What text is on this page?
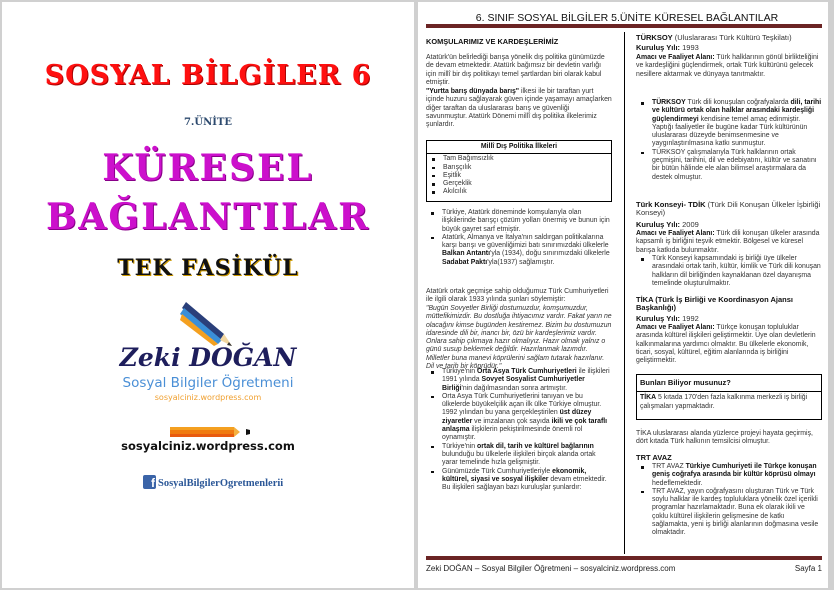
SOSYAL BİLGİLER 6
7.ÜNİTE
KÜRESEL
BAĞLANTILAR
TEK FASİKÜL
Zeki DOĞAN
Sosyal Bilgiler Öğretmeni
sosyalciniz.wordpress.com
sosyalciniz.wordpress.com
f SosyalBilgilerOgretmenlerii
6. SINIF SOSYAL BİLGİLER 5.ÜNİTE KÜRESEL BAĞLANTILAR
KOMŞULARIMIZ VE KARDEŞLERİMİZ
Atatürk'ün belirlediği barışa yönelik dış politika günümüzde de devam etmektedir. Atatürk bağımsız bir devletin varlığı için millî bir dış politikayı temel şartlardan biri olarak kabul etmiştir.
"Yurtta barış dünyada barış" ilkesi ile bir taraftan yurt içinde huzuru sağlayarak güven içinde yaşamayı amaçlarken diğer taraftan da uluslararası barış ve güvenliği savunmuştur. Atatürk Dönemi millî dış politika ilkelerimiz şunlardır.
Millî Dış Politika İlkeleri
Tam Bağımsızlık
Barışçılık
Eşitlik
Gerçeklik
Akılcılık
Türkiye, Atatürk döneminde komşularıyla olan ilişkilerinde barışçı çözüm yolları önermiş ve bunun için büyük gayret sarf etmiştir.
Atatürk, Almanya ve İtalya'nın saldırgan politikalarına karşı barışı ve güvenliğimizi batı sınırımızdaki ülkelerle Balkan Antantı'yla (1934), doğu sınırımızdaki ülkelerle Sadabat Paktı'yla(1937) sağlamıştır.
Atatürk ortak geçmişe sahip olduğumuz Türk Cumhuriyetleri ile ilgili olarak 1933 yılında şunları söylemiştir:
"Bugün Sovyetler Birliği dostumuzdur, komşumuzdur, müttefikimizdir. Bu dostluğa ihtiyacımız vardır. Fakat yarın ne olacağını kimse bugünden kestiremez. Bizim bu dostumuzun idaresinde dili bir, inancı bir, özü bir kardeşlerimiz vardır. Onlara sahip çıkmaya hazır olmalıyız. Hazır olmak yalnız o günü susup beklemek değildir. Hazırlanmak lazımdır. Milletler buna manevi köprülerini sağlam tutarak hazırlanır. Dil ve tarih bir köprüdür."
Türkiye'nin Orta Asya Türk Cumhuriyetleri ile ilişkileri 1991 yılında Sovyet Sosyalist Cumhuriyetler Birliği'nin dağılmasından sonra artmıştır.
Orta Asya Türk Cumhuriyetlerini tanıyan ve bu ülkelerde büyükelçilik açan ilk ülke Türkiye olmuştur. 1992 yılından bu yana gerçekleştirilen üst düzey ziyaretler ve imzalanan çok sayıda ikili ve çok taraflı anlaşma ilişkilerin pekiştirilmesinde önemli rol oynamıştır.
Türkiye'nin ortak dil, tarih ve kültürel bağlarının bulunduğu bu ülkelerle ilişkileri birçok alanda ortak yarar temelinde hızla gelişmiştir.
Günümüzde Türk Cumhuriyetleriyle ekonomik, kültürel, siyasi ve sosyal ilişkiler devam etmektedir. Bu ilişkileri sağlayan bazı kuruluşlar şunlardır:
TÜRKSOY (Uluslararası Türk Kültürü Teşkilatı)
Kuruluş Yılı: 1993
Amacı ve Faaliyet Alanı: Türk halklarının gönül birlikteliğini ve kardeşliğini güçlendirmek, ortak Türk kültürünü gelecek nesillere aktarmak ve dünyaya tanıtmaktır.
TÜRKSOY Türk dili konuşulan coğrafyalarda dili, tarihi ve kültürü ortak olan halklar arasındaki kardeşliği güçlendirmeyi kendisine temel amaç edinmiştir. Yaptığı faaliyetler ile bugüne kadar Türk kültürünün uluslararası düzeyde benimsenmesine ve yaygınlaştırılmasına katkı sunmuştur.
TÜRKSOY çalışmalarıyla Türk halklarının ortak geçmişini, tarihini, dil ve edebiyatını, kültür ve sanatını bir bütün hâlinde ele alan bilimsel araştırmalara da destek olmuştur.
Türk Konseyi- TDİK (Türk Dili Konuşan Ülkeler İşbirliği Konseyi)
Kuruluş Yılı: 2009
Amacı ve Faaliyet Alanı: Türk dili konuşan ülkeler arasında kapsamlı iş birliğini teşvik etmektir. Bölgesel ve küresel barışa katkıda bulunmaktır.
Türk Konseyi kapsamındaki iş birliği üye ülkeler arasındaki ortak tarih, kültür, kimlik ve Türk dili konuşan halkların dil birliğinden kaynaklanan özel dayanışma temelinde oluşturulmaktır.
TİKA (Türk İş Birliği ve Koordinasyon Ajansı Başkanlığı)
Kuruluş Yılı: 1992
Amacı ve Faaliyet Alanı: Türkçe konuşan topluluklar arasında kültürel ilişkileri geliştirmektir. Üye olan devletlerin kalkınmalarına yardımcı olmaktır. Bu ülkelerle ekonomik, ticari, sosyal, kültürel, eğitim alanlarında iş birliğini geliştirmektir.
Bunları Biliyor musunuz?
TİKA 5 kıtada 170'den fazla kalkınma merkezli iş birliği çalışmaları yapmaktadır.
TİKA uluslararası alanda yüzlerce projeyi hayata geçirmiş, dört kıtada Türk halkının temsilcisi olmuştur.
TRT AVAZ
TRT AVAZ Türkiye Cumhuriyeti ile Türkçe konuşan geniş coğrafya arasında bir kültür köprüsü olmayı hedeflemektedir.
TRT AVAZ, yayın coğrafyasını oluşturan Türk ve Türk soylu halklar ile kardeş topluluklara yönelik özel içerikli programlar hazırlamaktadır. Buna ek olarak ikili ve çoklu kültürel ilişkilerin gelişmesine de katkı sağlamakta, yeni iş birliği alanlarının doğmasına vesile olmaktadır.
Zeki DOĞAN – Sosyal Bilgiler Öğretmeni – sosyalciniz.wordpress.com	Sayfa 1
